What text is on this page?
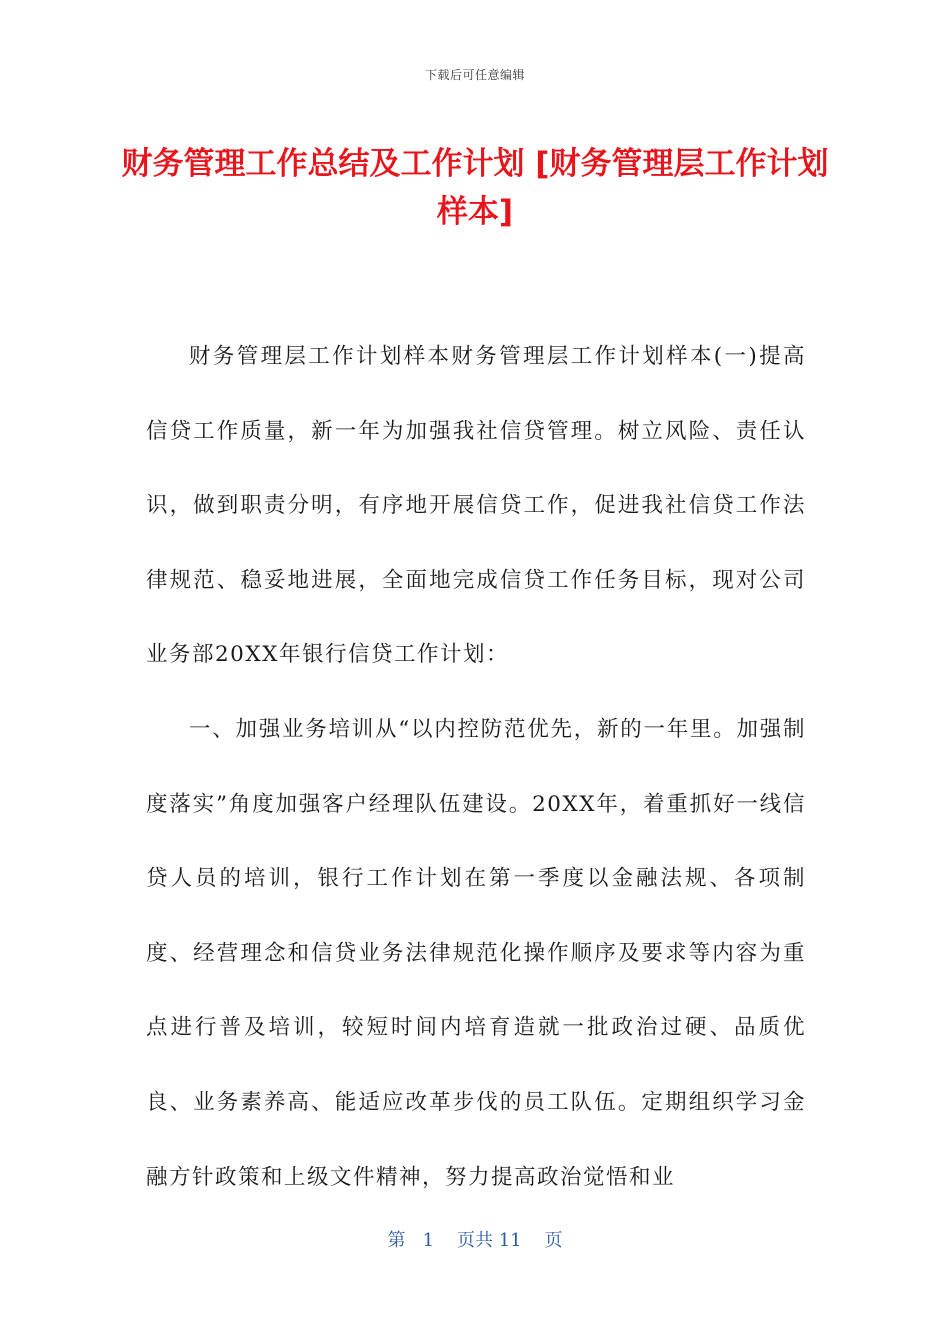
下载后可任意编辑
财务管理工作总结及工作计划 [财务管理层工作计划样本]

财务管理层工作计划样本财务管理层工作计划样本(一)提高信贷工作质量，新一年为加强我社信贷管理。树立风险、责任认识，做到职责分明，有序地开展信贷工作，促进我社信贷工作法律规范、稳妥地进展，全面地完成信贷工作任务目标，现对公司业务部20XX年银行信贷工作计划：

一、加强业务培训从“以内控防范优先，新的一年里。加强制度落实”角度加强客户经理队伍建设。20XX年，着重抓好一线信贷人员的培训，银行工作计划在第一季度以金融法规、各项制度、经营理念和信贷业务法律规范化操作顺序及要求等内容为重点进行普及培训，较短时间内培育造就一批政治过硬、品质优良、业务素养高、能适应改革步伐的员工队伍。定期组织学习金融方针政策和上级文件精神，努力提高政治觉悟和业

第 1 页共 11 页
